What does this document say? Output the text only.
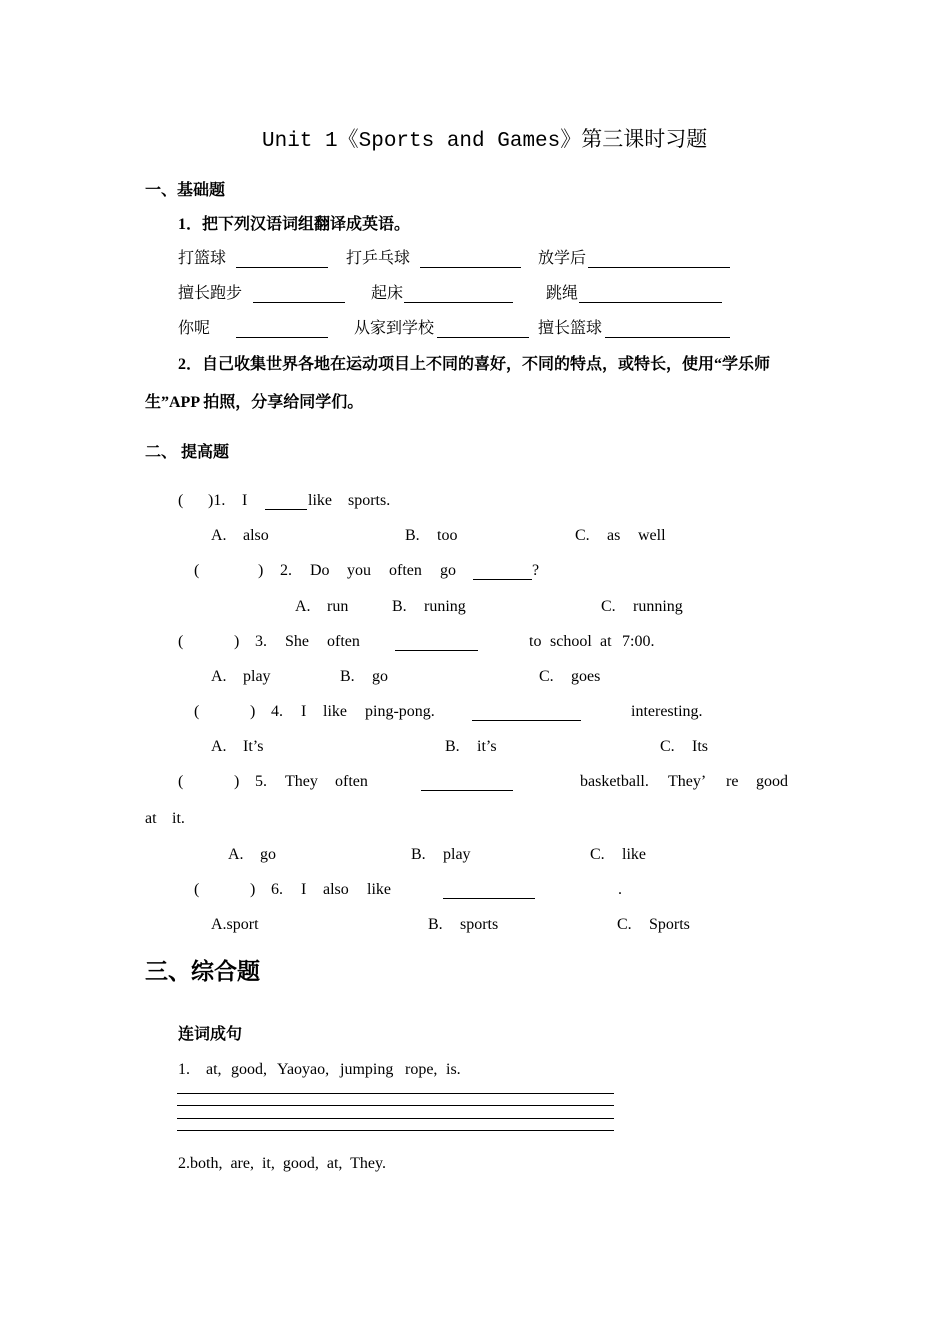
Unit 1《Sports and Games》第三课时习题
一、基础题
1．把下列汉语词组翻译成英语。
打篮球	打乒乓球	放学后
擅长跑步	起床	跳绳
你呢	从家到学校	擅长篮球
2．自己收集世界各地在运动项目上不同的喜好，不同的特点，或特长，使用“学乐师
生”APP 拍照，分享给同学们。
二、 提高题
( )1. I	like sports.
A. also	B. too	C. as well
(	) 2. Do you often go	?
A. run	B. runing	C. running
(	) 3. She often	to school at 7:00.
A. play	B. go	C. goes
(	) 4. I like ping-pong.	interesting.
A. It’s	B. it’s	C. Its
(	) 5. They often	basketball. They’ re good
at it.
A. go	B. play	C. like
(	) 6. I also like	.
A.sport	B. sports	C. Sports
三、综合题
连词成句
1. at, good, Yaoyao, jumping rope, is.
2.both,  are,  it,  good,  at,  They.
